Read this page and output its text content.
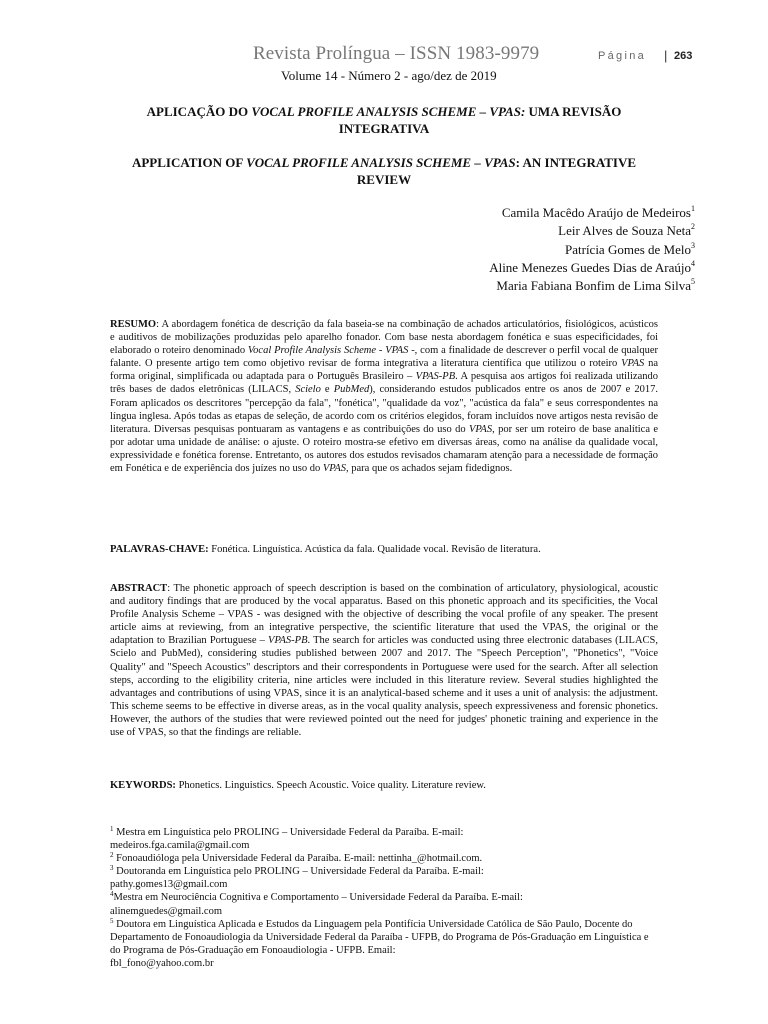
Revista Prolíngua – ISSN 1983-9979	Página | 263
Volume 14 - Número 2 - ago/dez de 2019
APLICAÇÃO DO VOCAL PROFILE ANALYSIS SCHEME – VPAS: UMA REVISÃO INTEGRATIVA
APPLICATION OF VOCAL PROFILE ANALYSIS SCHEME – VPAS: AN INTEGRATIVE REVIEW
Camila Macêdo Araújo de Medeiros$^1$
Leir Alves de Souza Neta$^2$
Patrícia Gomes de Melo$^3$
Aline Menezes Guedes Dias de Araújo$^4$
Maria Fabiana Bonfim de Lima Silva$^5$
RESUMO: A abordagem fonética de descrição da fala baseia-se na combinação de achados articulatórios, fisiológicos, acústicos e auditivos de mobilizações produzidas pelo aparelho fonador. Com base nesta abordagem fonética e suas especificidades, foi elaborado o roteiro denominado Vocal Profile Analysis Scheme - VPAS -, com a finalidade de descrever o perfil vocal de qualquer falante. O presente artigo tem como objetivo revisar de forma integrativa a literatura científica que utilizou o roteiro VPAS na forma original, simplificada ou adaptada para o Português Brasileiro – VPAS-PB. A pesquisa aos artigos foi realizada utilizando três bases de dados eletrônicas (LILACS, Scielo e PubMed), considerando estudos publicados entre os anos de 2007 e 2017. Foram aplicados os descritores "percepção da fala", "fonética", "qualidade da voz", "acústica da fala" e seus correspondentes na língua inglesa. Após todas as etapas de seleção, de acordo com os critérios elegidos, foram incluídos nove artigos nesta revisão de literatura. Diversas pesquisas pontuaram as vantagens e as contribuições do uso do VPAS, por ser um roteiro de base analítica e por adotar uma unidade de análise: o ajuste. O roteiro mostra-se efetivo em diversas áreas, como na análise da qualidade vocal, expressividade e fonética forense. Entretanto, os autores dos estudos revisados chamaram atenção para a necessidade de formação em Fonética e de experiência dos juízes no uso do VPAS, para que os achados sejam fidedignos.
PALAVRAS-CHAVE: Fonética. Linguística. Acústica da fala. Qualidade vocal. Revisão de literatura.
ABSTRACT: The phonetic approach of speech description is based on the combination of articulatory, physiological, acoustic and auditory findings that are produced by the vocal apparatus. Based on this phonetic approach and its specificities, the Vocal Profile Analysis Scheme – VPAS - was designed with the objective of describing the vocal profile of any speaker. The present article aims at reviewing, from an integrative perspective, the scientific literature that used the VPAS, the original or the adaptation to Brazilian Portuguese – VPAS-PB. The search for articles was conducted using three electronic databases (LILACS, Scielo and PubMed), considering studies published between 2007 and 2017. The "Speech Perception", "Phonetics", "Voice Quality" and "Speech Acoustics" descriptors and their correspondents in Portuguese were used for the search. After all selection steps, according to the eligibility criteria, nine articles were included in this literature review. Several studies highlighted the advantages and contributions of using VPAS, since it is an analytical-based scheme and it uses a unit of analysis: the adjustment. This scheme seems to be effective in diverse areas, as in the vocal quality analysis, speech expressiveness and forensic phonetics. However, the authors of the studies that were reviewed pointed out the need for judges' phonetic training and experience in the use of VPAS, so that the findings are reliable.
KEYWORDS: Phonetics. Linguistics. Speech Acoustic. Voice quality. Literature review.
$^1$ Mestra em Linguística pelo PROLING – Universidade Federal da Paraíba. E-mail:
medeiros.fga.camila@gmail.com
$^2$ Fonoaudióloga pela Universidade Federal da Paraíba. E-mail: nettinha_@hotmail.com.
$^3$ Doutoranda em Linguística pelo PROLING – Universidade Federal da Paraíba. E-mail:
pathy.gomes13@gmail.com
$^4$Mestra em Neurociência Cognitiva e Comportamento – Universidade Federal da Paraíba. E-mail:
alinemguedes@gmail.com
$^5$ Doutora em Linguística Aplicada e Estudos da Linguagem pela Pontifícia Universidade Católica de São Paulo, Docente do Departamento de Fonoaudiologia da Universidade Federal da Paraíba - UFPB, do Programa de Pós-Graduação em Linguística e do Programa de Pós-Graduação em Fonoaudiologia - UFPB. Email:
fbl_fono@yahoo.com.br
